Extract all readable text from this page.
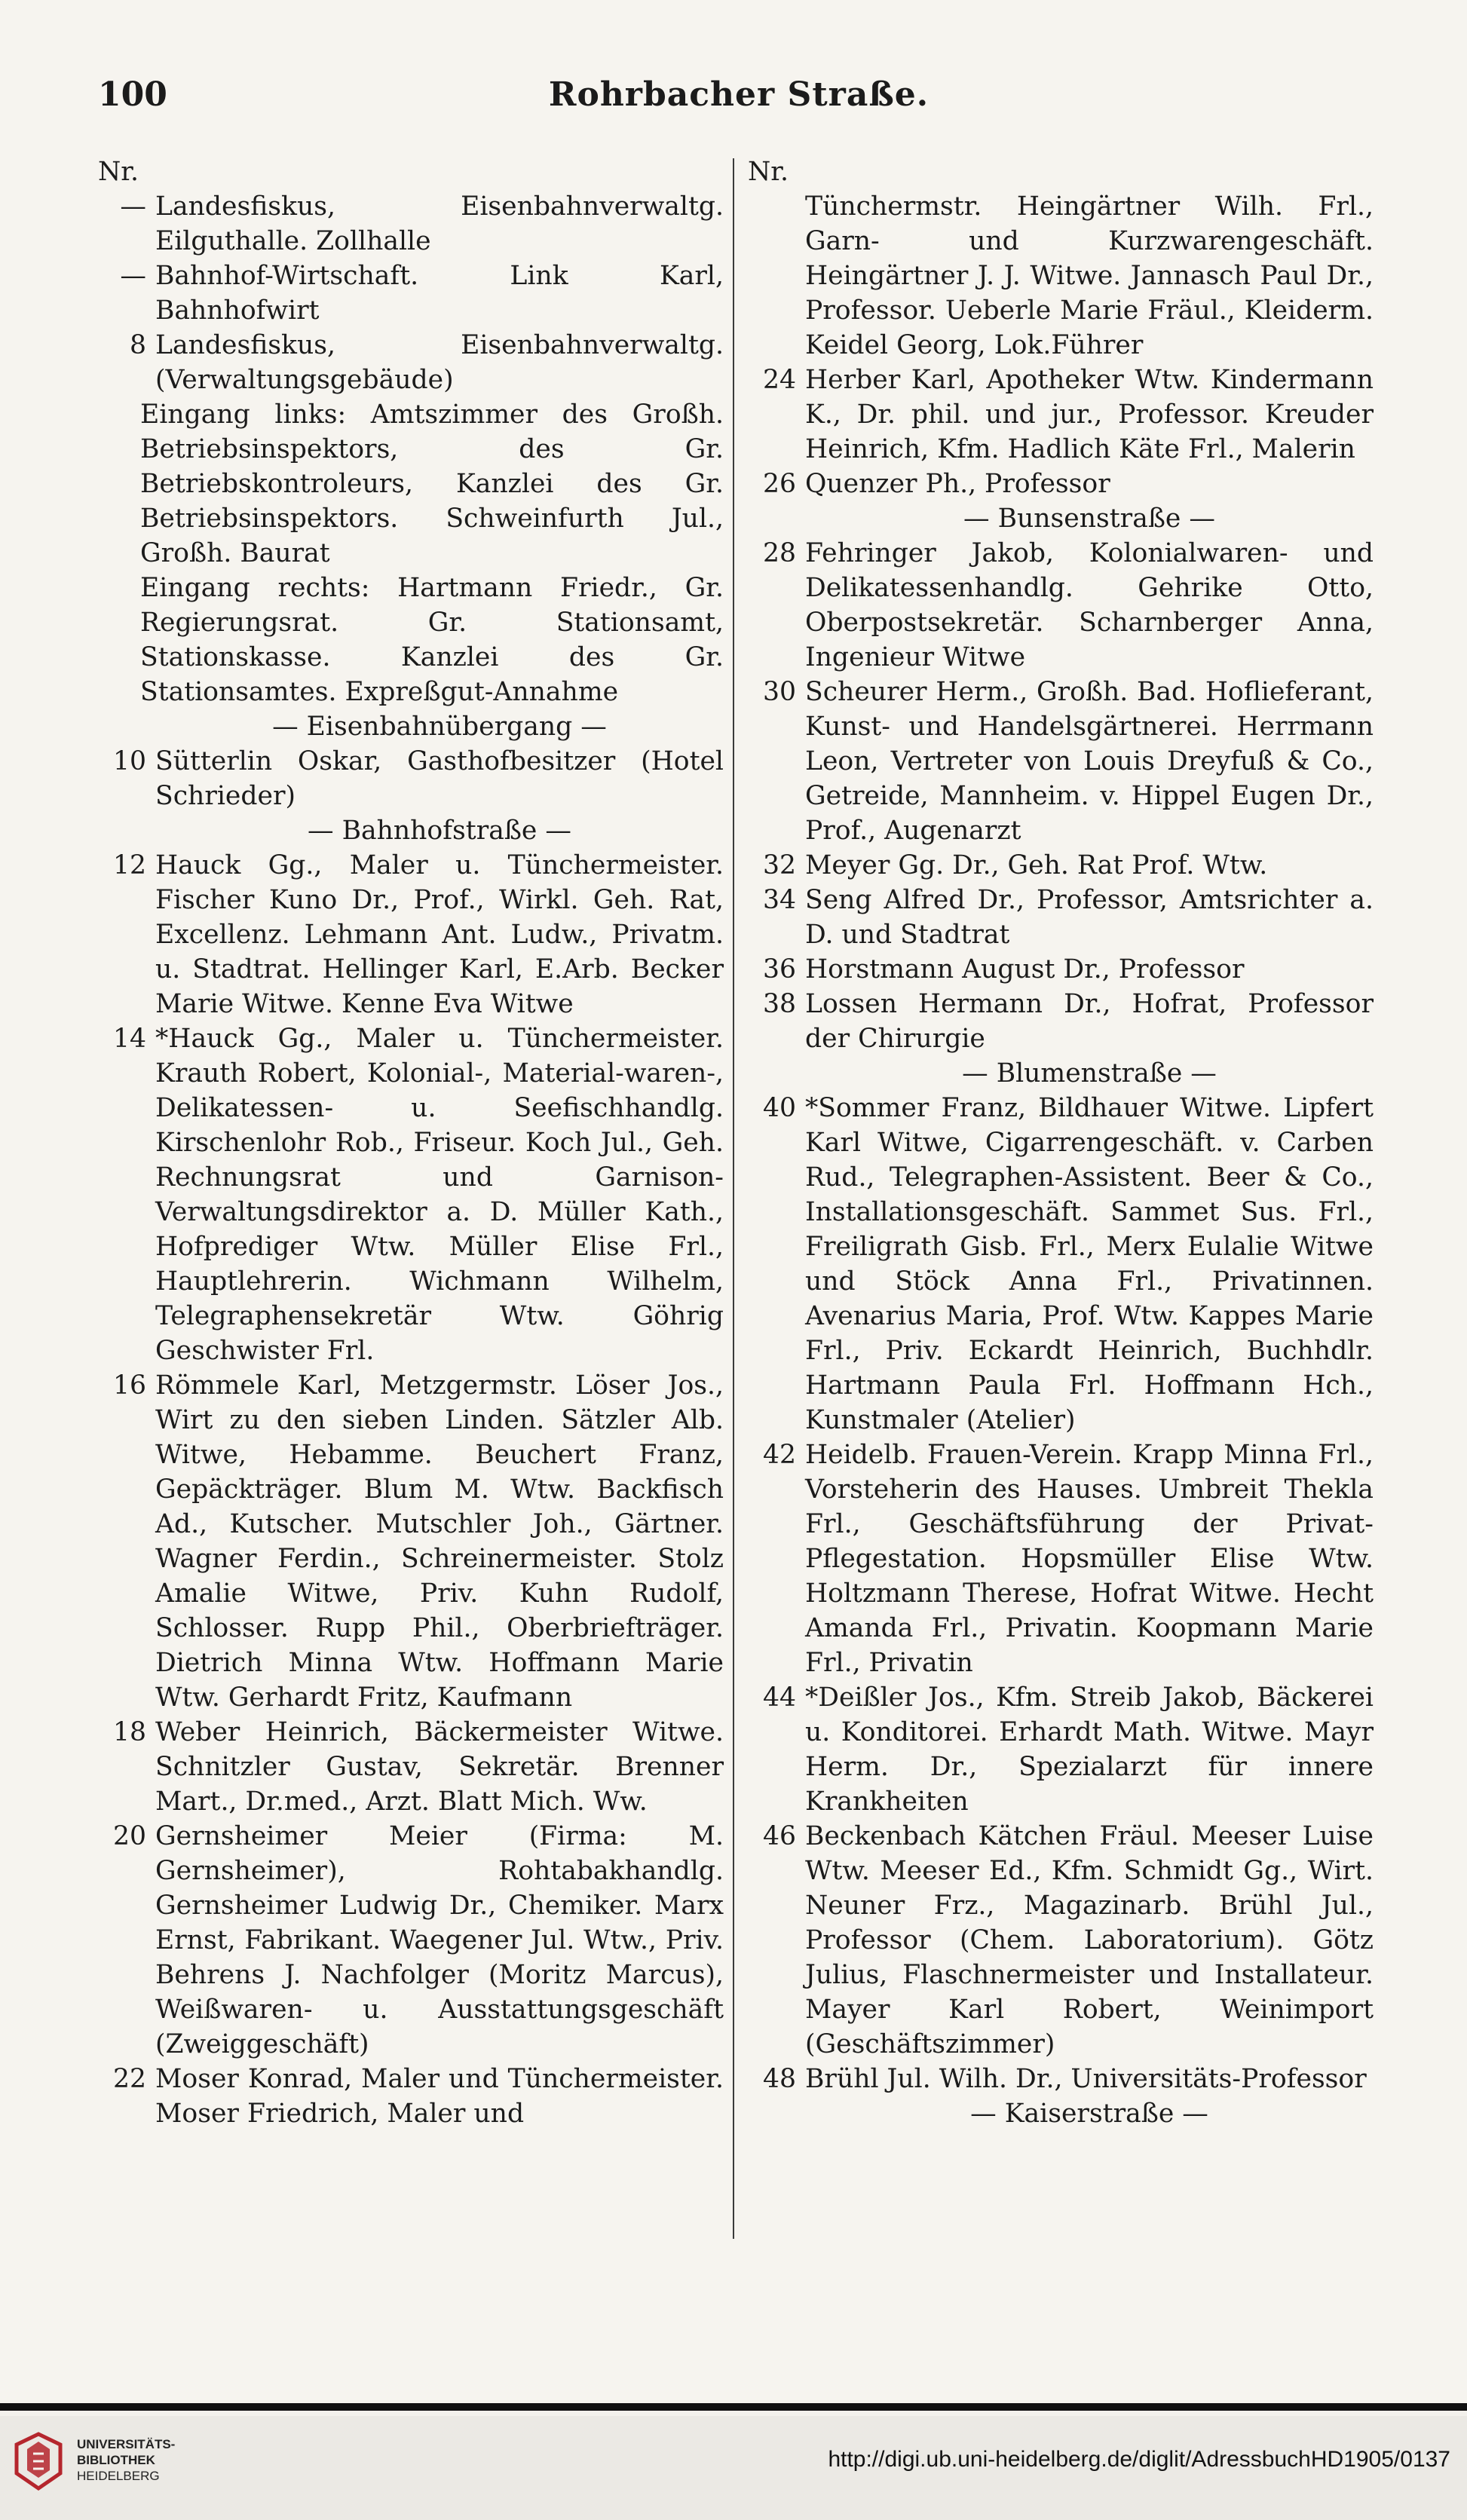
Rohrbacher Straße.
100
Nr.
— Landesfiskus, Eisenbahnverwaltg. Eilguthalle. Zollhalle
— Bahnhof-Wirtschaft. Link Karl, Bahnhofwirt
8 Landesfiskus, Eisenbahnverwaltg. (Verwaltungsgebäude)
Eingang links: Amtszimmer des Großh. Betriebsinspektors, des Gr. Betriebskontroleurs, Kanzlei des Gr. Betriebsinspektors. Schweinfurth Jul., Großh. Baurat
Eingang rechts: Hartmann Friedr., Gr. Regierungsrat. Gr. Stationsamt, Stationskasse. Kanzlei des Gr. Stationsamtes. Expreßgut-Annahme
— Eisenbahnübergang —
10 Sütterlin Oskar, Gasthofbesitzer (Hotel Schrieder)
— Bahnhofstraße —
12 Hauck Gg., Maler u. Tünchermeister. Fischer Kuno Dr., Prof., Wirkl. Geh. Rat, Excellenz. Lehmann Ant. Ludw., Privatm. u. Stadtrat. Hellinger Karl, E.Arb. Becker Marie Witwe. Kenne Eva Witwe
14 *Hauck Gg., Maler u. Tünchermeister. Krauth Robert, Kolonial-, Material-waren-, Delikatessen- u. Seefischhandlg. Kirschenlohr Rob., Friseur. Koch Jul., Geh. Rechnungsrat und Garnison-Verwaltungsdirektor a. D. Müller Kath., Hofprediger Wtw. Müller Elise Frl., Hauptlehrerin. Wichmann Wilhelm, Telegraphensekretär Wtw. Göhrig Geschwister Frl.
16 Römmele Karl, Metzgermstr. Löser Jos., Wirt zu den sieben Linden. Sätzler Alb. Witwe, Hebamme. Beuchert Franz, Gepäckträger. Blum M. Wtw. Backfisch Ad., Kutscher. Mutschler Joh., Gärtner. Wagner Ferdin., Schreinermeister. Stolz Amalie Witwe, Priv. Kuhn Rudolf, Schlosser. Rupp Phil., Oberbriefträger. Dietrich Minna Wtw. Hoffmann Marie Wtw. Gerhardt Fritz, Kaufmann
18 Weber Heinrich, Bäckermeister Witwe. Schnitzler Gustav, Sekretär. Brenner Mart., Dr.med., Arzt. Blatt Mich. Ww.
20 Gernsheimer Meier (Firma: M. Gernsheimer), Rohtabakhandlg. Gernsheimer Ludwig Dr., Chemiker. Marx Ernst, Fabrikant. Waegener Jul. Wtw., Priv. Behrens J. Nachfolger (Moritz Marcus), Weißwaren- u. Ausstattungsgeschäft (Zweiggeschäft)
22 Moser Konrad, Maler und Tünchermeister. Moser Friedrich, Maler und
Nr.
Tünchermstr. Heingärtner Wilh. Frl., Garn- und Kurzwarengeschäft. Heingärtner J. J. Witwe. Jannasch Paul Dr., Professor. Ueberle Marie Fräul., Kleiderm. Keidel Georg, Lok.Führer
24 Herber Karl, Apotheker Wtw. Kindermann K., Dr. phil. und jur., Professor. Kreuder Heinrich, Kfm. Hadlich Käte Frl., Malerin
26 Quenzer Ph., Professor
— Bunsenstraße —
28 Fehringer Jakob, Kolonialwaren- und Delikatessenhandlg. Gehrike Otto, Oberpostsekretär. Scharnberger Anna, Ingenieur Witwe
30 Scheurer Herm., Großh. Bad. Hoflieferant, Kunst- und Handelsgärtnerei. Herrmann Leon, Vertreter von Louis Dreyfuß & Co., Getreide, Mannheim. v. Hippel Eugen Dr., Prof., Augenarzt
32 Meyer Gg. Dr., Geh. Rat Prof. Wtw.
34 Seng Alfred Dr., Professor, Amtsrichter a. D. und Stadtrat
36 Horstmann August Dr., Professor
38 Lossen Hermann Dr., Hofrat, Professor der Chirurgie
— Blumenstraße —
40 *Sommer Franz, Bildhauer Witwe. Lipfert Karl Witwe, Cigarrengeschäft. v. Carben Rud., Telegraphen-Assistent. Beer & Co., Installationsgeschäft. Sammet Sus. Frl., Freiligrath Gisb. Frl., Merx Eulalie Witwe und Stöck Anna Frl., Privatinnen. Avenarius Maria, Prof. Wtw. Kappes Marie Frl., Priv. Eckardt Heinrich, Buchhdlr. Hartmann Paula Frl. Hoffmann Hch., Kunstmaler (Atelier)
42 Heidelb. Frauen-Verein. Krapp Minna Frl., Vorsteherin des Hauses. Umbreit Thekla Frl., Geschäftsführung der Privat-Pflegestation. Hopsmüller Elise Wtw. Holtzmann Therese, Hofrat Witwe. Hecht Amanda Frl., Privatin. Koopmann Marie Frl., Privatin
44 *Deißler Jos., Kfm. Streib Jakob, Bäckerei u. Konditorei. Erhardt Math. Witwe. Mayr Herm. Dr., Spezialarzt für innere Krankheiten
46 Beckenbach Kätchen Fräul. Meeser Luise Wtw. Meeser Ed., Kfm. Schmidt Gg., Wirt. Neuner Frz., Magazinarb. Brühl Jul., Professor (Chem. Laboratorium). Götz Julius, Flaschnermeister und Installateur. Mayer Karl Robert, Weinimport (Geschäftszimmer)
48 Brühl Jul. Wilh. Dr., Universitäts-Professor
— Kaiserstraße —
UNIVERSITÄTS-
BIBLIOTHEK
HEIDELBERG
http://digi.ub.uni-heidelberg.de/diglit/AdressbuchHD1905/0137
